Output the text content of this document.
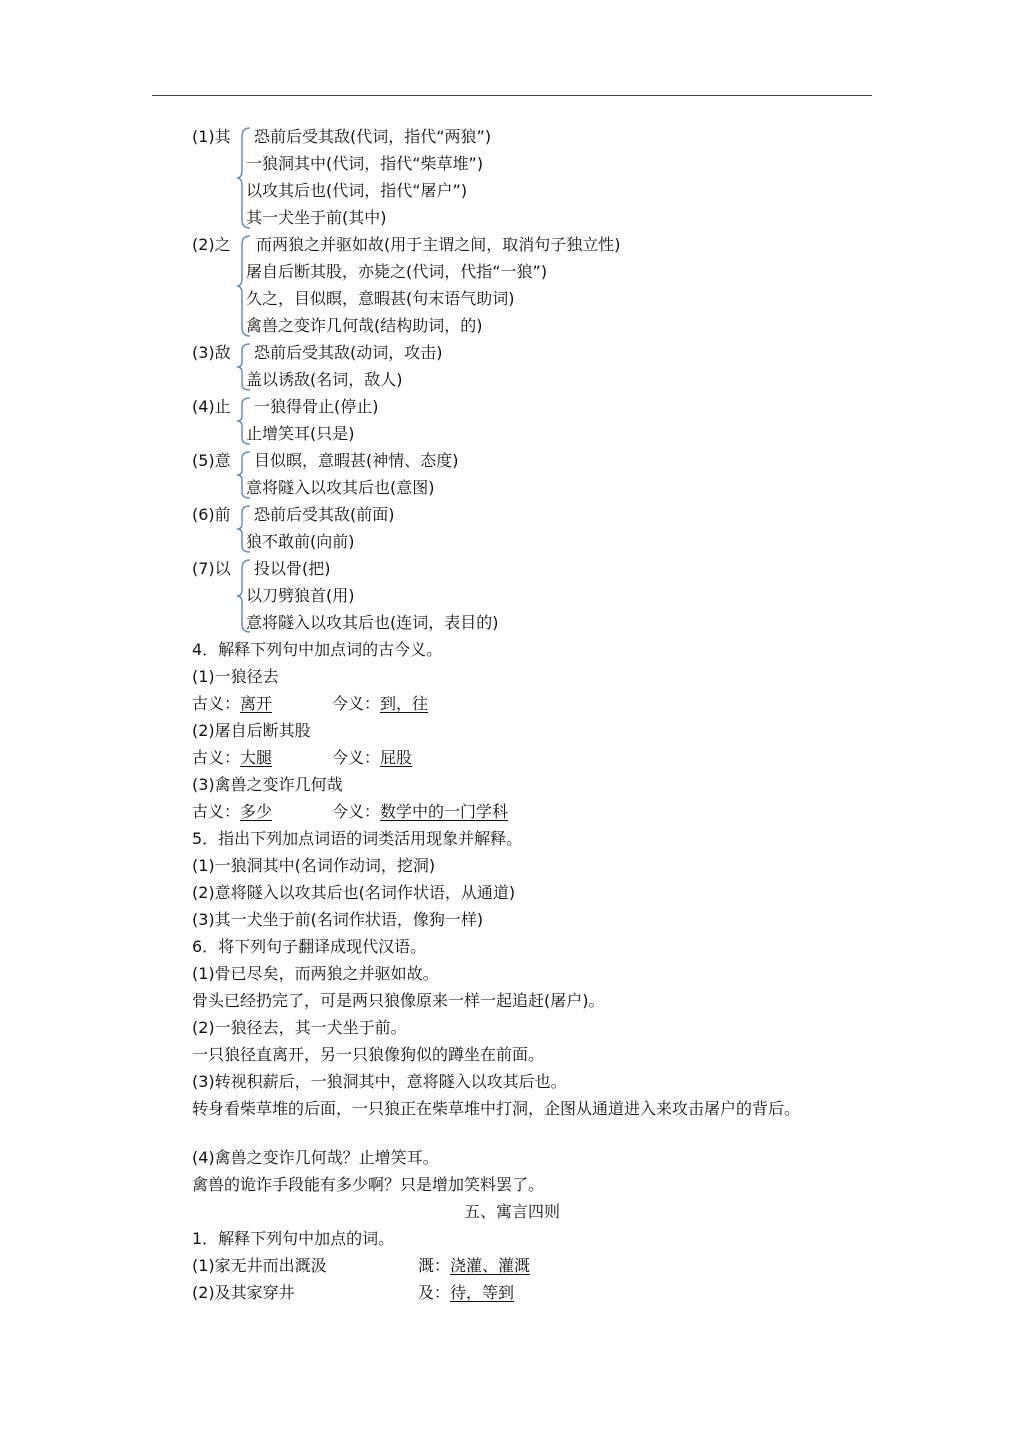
(1)其 恐前后受其敌(代词，指代“两狼”)
一狼洞其中(代词，指代“柴草堆”)
以攻其后也(代词，指代“屠户”)
其一犬坐于前(其中)
(2)之 而两狼之并驱如故(用于主谓之间，取消句子独立性)
屠自后断其股，亦毙之(代词，代指“一狼”)
久之，目似瞑，意暇甚(句末语气助词)
禽兽之变诈几何哉(结构助词，的)
(3)敌 恐前后受其敌(动词，攻击)
盖以诱敌(名词，敌人)
(4)止 一狼得骨止(停止)
止增笑耳(只是)
(5)意 目似瞑，意暇甚(神情、态度)
意将隧入以攻其后也(意图)
(6)前 恐前后受其敌(前面)
狼不敢前(向前)
(7)以 投以骨(把)
以刀劈狼首(用)
意将隧入以攻其后也(连词，表目的)
4．解释下列句中加点词的古今义。
(1)一狼径去
古义：离开	今义：到，往
(2)屠自后断其股
古义：大腿	今义：屁股
(3)禽兽之变诈几何哉
古义：多少	今义：数学中的一门学科
5．指出下列加点词语的词类活用现象并解释。
(1)一狼洞其中(名词作动词，挖洞)
(2)意将隧入以攻其后也(名词作状语，从通道)
(3)其一犬坐于前(名词作状语，像狗一样)
6．将下列句子翻译成现代汉语。
(1)骨已尽矣，而两狼之并驱如故。
骨头已经扔完了，可是两只狼像原来一样一起追赶(屠户)。
(2)一狼径去，其一犬坐于前。
一只狼径直离开，另一只狼像狗似的蹲坐在前面。
(3)转视积薪后，一狼洞其中，意将隧入以攻其后也。
转身看柴草堆的后面，一只狼正在柴草堆中打洞，企图从通道进入来攻击屠户的背后。
(4)禽兽之变诈几何哉？止增笑耳。
禽兽的诡诈手段能有多少啊？只是增加笑料罢了。
五、寓言四则
1．解释下列句中加点的词。
(1)家无井而出溉汲	溉：浇灌、灌溉
(2)及其家穿井	及：待，等到
